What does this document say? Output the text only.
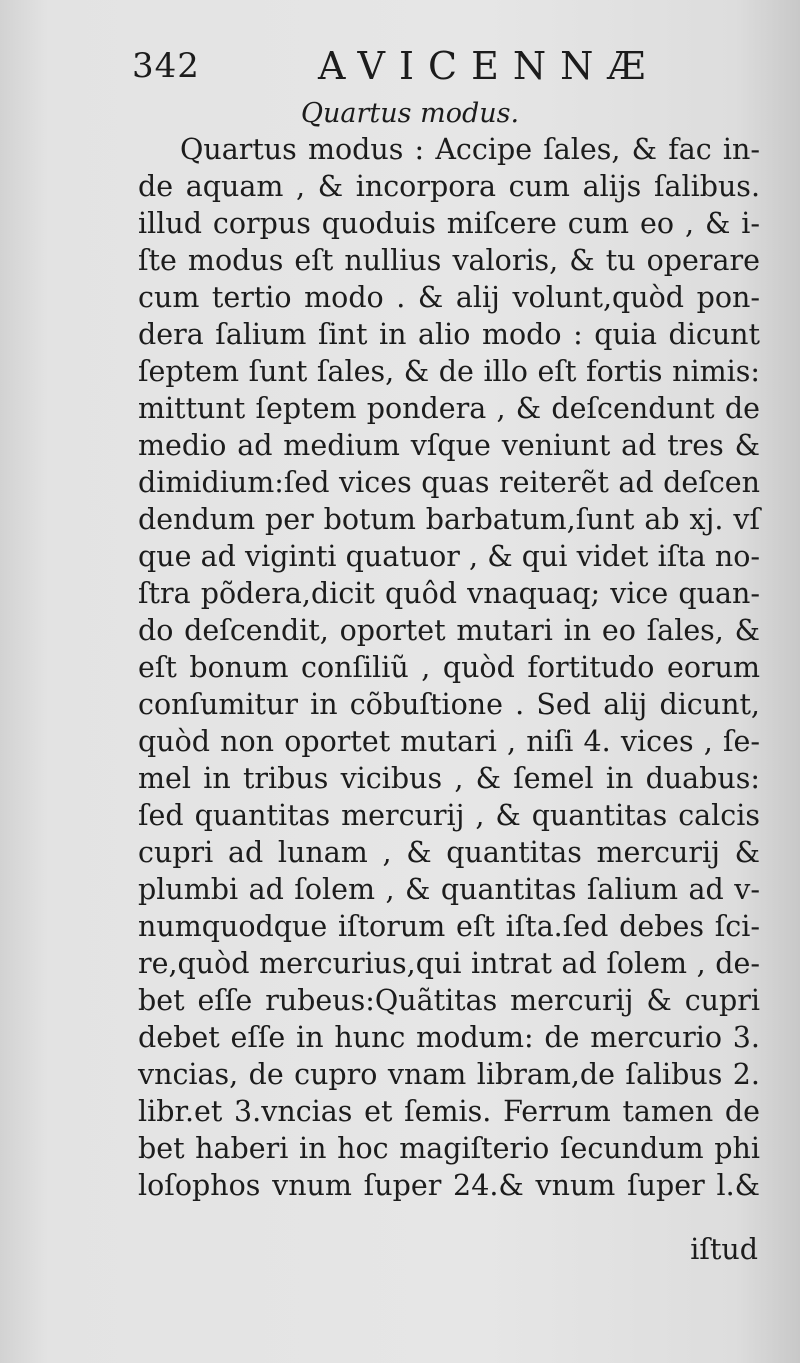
342	AVICENNÆ
Quartus modus.
Quartus modus : Accipe ſales, & fac in-
de aquam , & incorpora cum alijs ſalibus.
illud corpus quoduis miſcere cum eo , & i-
ſte modus eſt nullius valoris, & tu operare
cum tertio modo . & alij volunt,quòd pon-
dera ſalium ſint in alio modo : quia dicunt
ſeptem ſunt ſales, & de illo eſt fortis nimis:
mittunt ſeptem pondera , & deſcendunt de
medio ad medium vſque veniunt ad tres &
dimidium:ſed vices quas reiterẽt ad deſcen
dendum per botum barbatum,ſunt ab xj. vſ
que ad viginti quatuor , & qui videt iſta no-
ſtra põdera,dicit quôd vnaquaq; vice quan-
do deſcendit, oportet mutari in eo ſales, &
eſt bonum conſiliũ , quòd fortitudo eorum
conſumitur in cõbuſtione . Sed alij dicunt,
quòd non oportet mutari , niſi 4. vices , ſe-
mel in tribus vicibus , & ſemel in duabus:
ſed quantitas mercurij , & quantitas calcis
cupri ad lunam , & quantitas mercurij &
plumbi ad ſolem , & quantitas ſalium ad v-
numquodque iſtorum eſt iſta.ſed debes ſci-
re,quòd mercurius,qui intrat ad ſolem , de-
bet eſſe rubeus:Quãtitas mercurij & cupri
debet eſſe in hunc modum: de mercurio 3.
vncias, de cupro vnam libram,de ſalibus 2.
libr.et 3.vncias et ſemis. Ferrum tamen de
bet haberi in hoc magiſterio ſecundum phi
loſophos vnum ſuper 24.& vnum ſuper l.&
iſtud
